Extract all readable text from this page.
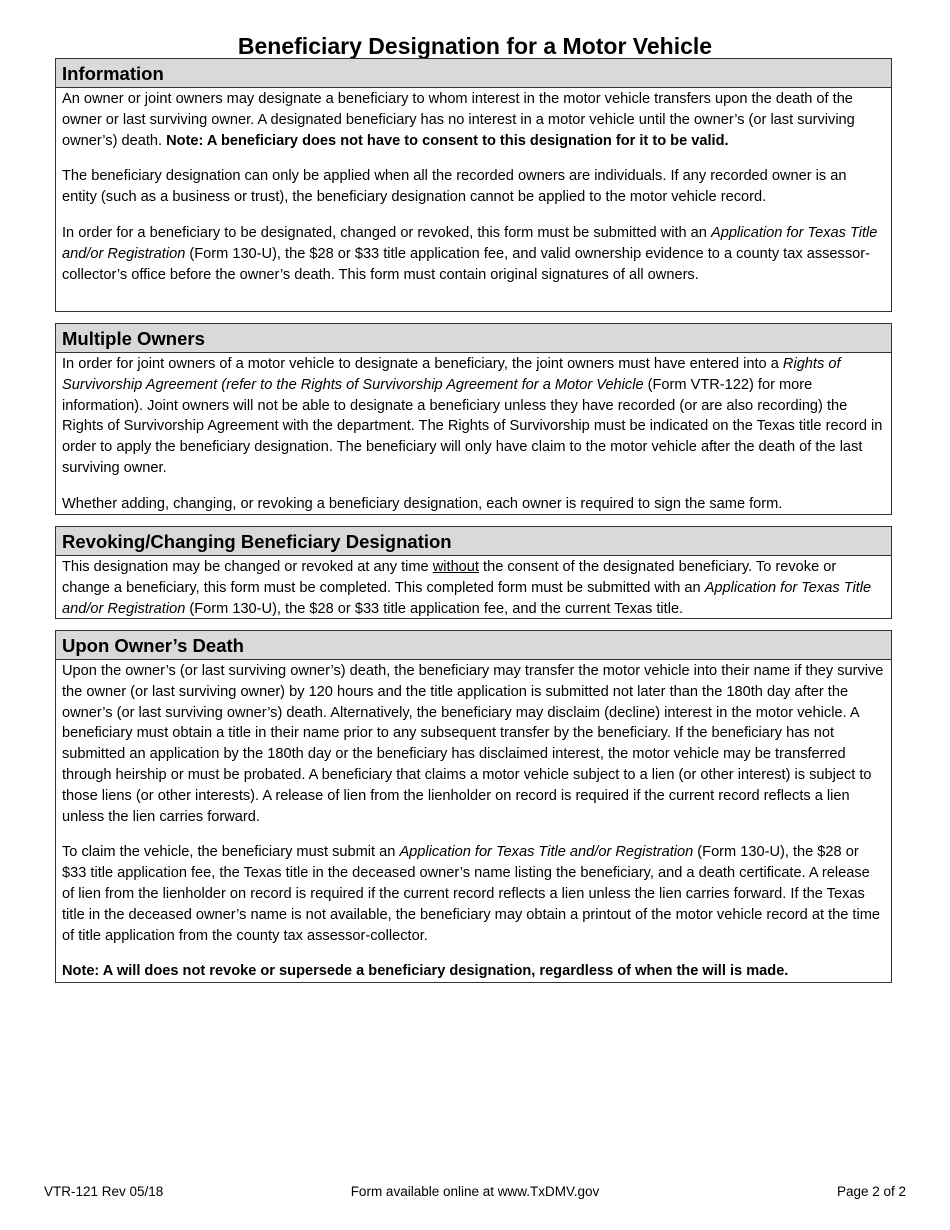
Beneficiary Designation for a Motor Vehicle
Information

An owner or joint owners may designate a beneficiary to whom interest in the motor vehicle transfers upon the death of the owner or last surviving owner. A designated beneficiary has no interest in a motor vehicle until the owner’s (or last surviving owner’s) death. Note: A beneficiary does not have to consent to this designation for it to be valid.

The beneficiary designation can only be applied when all the recorded owners are individuals. If any recorded owner is an entity (such as a business or trust), the beneficiary designation cannot be applied to the motor vehicle record.

In order for a beneficiary to be designated, changed or revoked, this form must be submitted with an Application for Texas Title and/or Registration (Form 130-U), the $28 or $33 title application fee, and valid ownership evidence to a county tax assessor-collector’s office before the owner’s death. This form must contain original signatures of all owners.

Multiple Owners

In order for joint owners of a motor vehicle to designate a beneficiary, the joint owners must have entered into a Rights of Survivorship Agreement (refer to the Rights of Survivorship Agreement for a Motor Vehicle (Form VTR-122) for more information). Joint owners will not be able to designate a beneficiary unless they have recorded (or are also recording) the Rights of Survivorship Agreement with the department. The Rights of Survivorship must be indicated on the Texas title record in order to apply the beneficiary designation. The beneficiary will only have claim to the motor vehicle after the death of the last surviving owner.

Whether adding, changing, or revoking a beneficiary designation, each owner is required to sign the same form.

Revoking/Changing Beneficiary Designation

This designation may be changed or revoked at any time without the consent of the designated beneficiary. To revoke or change a beneficiary, this form must be completed. This completed form must be submitted with an Application for Texas Title and/or Registration (Form 130-U), the $28 or $33 title application fee, and the current Texas title.

Upon Owner’s Death

Upon the owner’s (or last surviving owner’s) death, the beneficiary may transfer the motor vehicle into their name if they survive the owner (or last surviving owner) by 120 hours and the title application is submitted not later than the 180th day after the owner’s (or last surviving owner’s) death. Alternatively, the beneficiary may disclaim (decline) interest in the motor vehicle. A beneficiary must obtain a title in their name prior to any subsequent transfer by the beneficiary. If the beneficiary has not submitted an application by the 180th day or the beneficiary has disclaimed interest, the motor vehicle may be transferred through heirship or must be probated. A beneficiary that claims a motor vehicle subject to a lien (or other interest) is subject to those liens (or other interests). A release of lien from the lienholder on record is required if the current record reflects a lien unless the lien carries forward.

To claim the vehicle, the beneficiary must submit an Application for Texas Title and/or Registration (Form 130-U), the $28 or $33 title application fee, the Texas title in the deceased owner’s name listing the beneficiary, and a death certificate. A release of lien from the lienholder on record is required if the current record reflects a lien unless the lien carries forward. If the Texas title in the deceased owner’s name is not available, the beneficiary may obtain a printout of the motor vehicle record at the time of title application from the county tax assessor-collector.

Note: A will does not revoke or supersede a beneficiary designation, regardless of when the will is made.

VTR-121 Rev 05/18	Form available online at www.TxDMV.gov	Page 2 of 2
